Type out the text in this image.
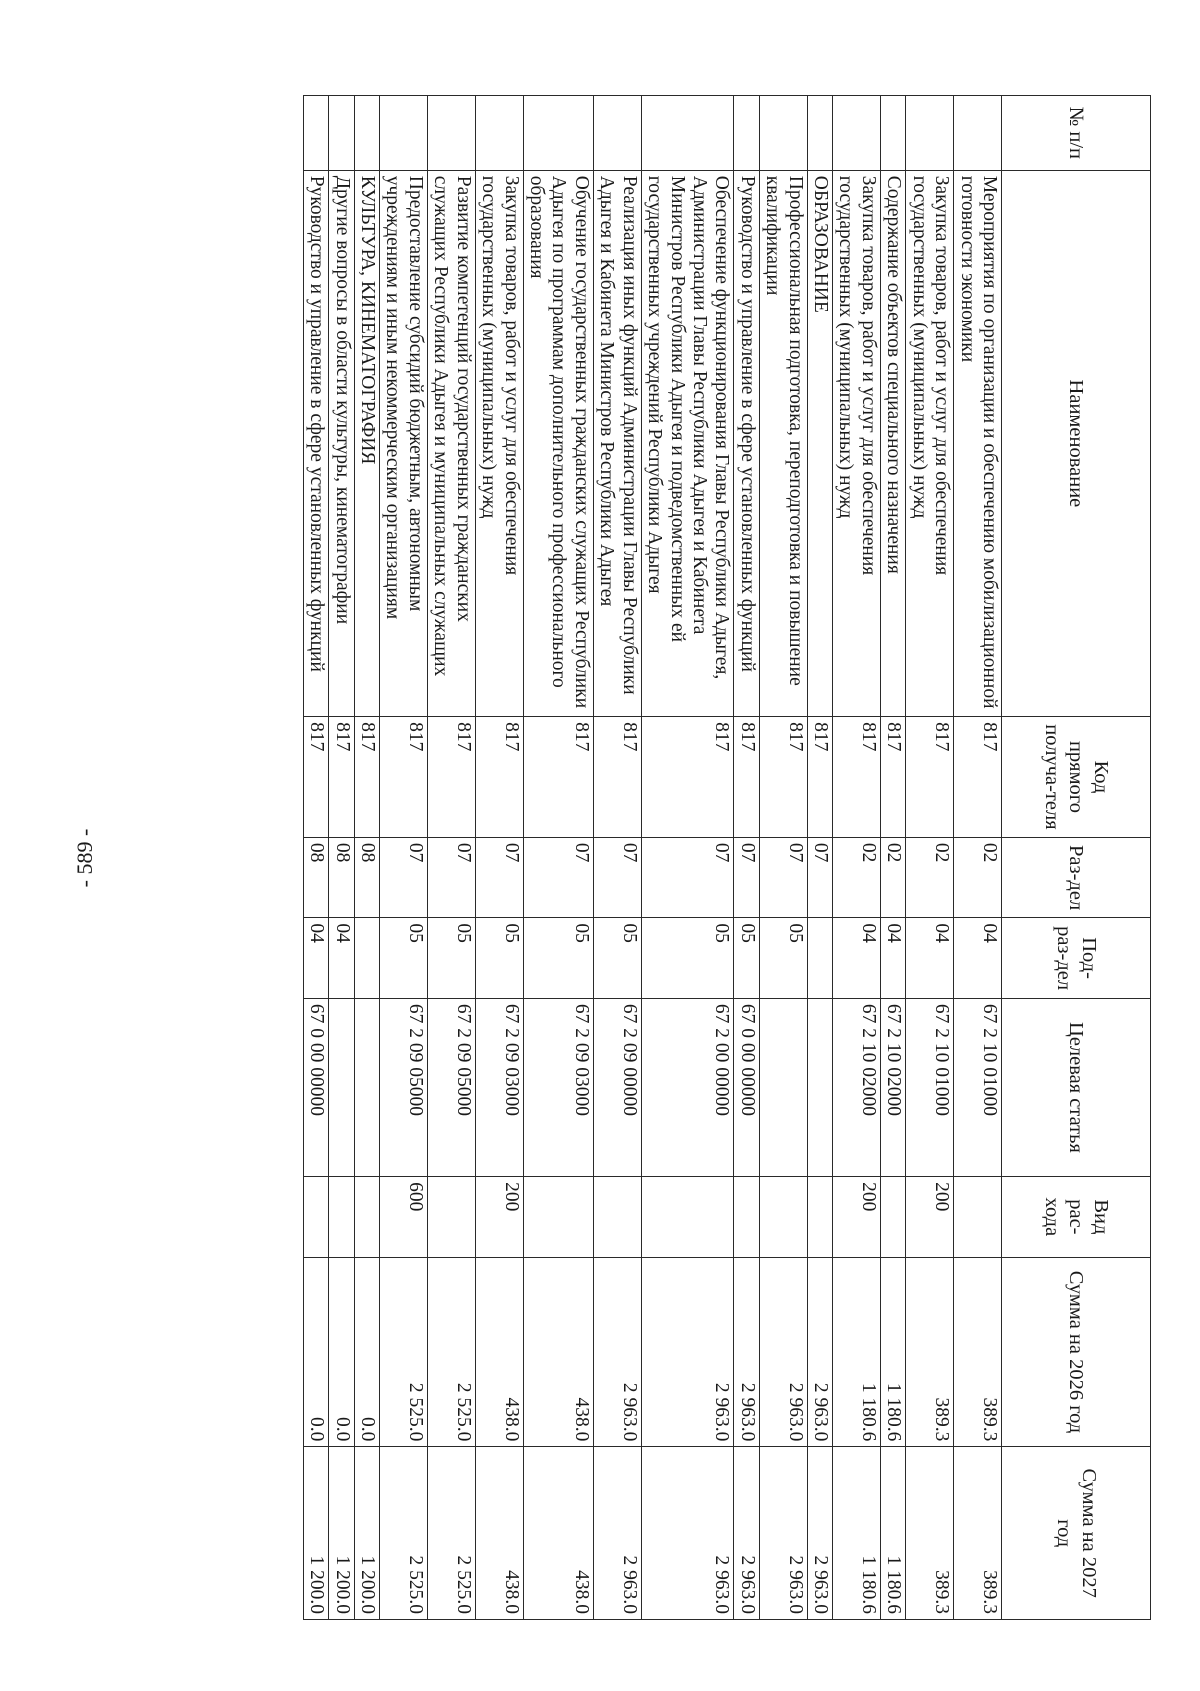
- 589 -
№ п/п	Наименование	Код прямого получа-теля	Раз-дел	Под-раз-дел	Целевая статья	Вид рас-хода	Сумма на 2026 год	Сумма на 2027 год
	Мероприятия по организации и обеспечению мобилизационной готовности экономики	817	02	04	67 2 10 01000		389.3	389.3
	Закупка товаров, работ и услуг для обеспечения государственных (муниципальных) нужд	817	02	04	67 2 10 01000	200	389.3	389.3
	Содержание объектов специального назначения	817	02	04	67 2 10 02000		1 180.6	1 180.6
	Закупка товаров, работ и услуг для обеспечения государственных (муниципальных) нужд	817	02	04	67 2 10 02000	200	1 180.6	1 180.6
	ОБРАЗОВАНИЕ	817	07				2 963.0	2 963.0
	Профессиональная подготовка, переподготовка и повышение квалификации	817	07	05			2 963.0	2 963.0
	Руководство и управление в сфере установленных функций	817	07	05	67 0 00 00000		2 963.0	2 963.0
	Обеспечение функционирования Главы Республики Адыгея, Администрации Главы Республики Адыгея и Кабинета Министров Республики Адыгея и подведомственных ей государственных учреждений Республики Адыгея	817	07	05	67 2 00 00000		2 963.0	2 963.0
	Реализация иных функций Администрации Главы Республики Адыгея и Кабинета Министров Республики Адыгея	817	07	05	67 2 09 00000		2 963.0	2 963.0
	Обучение государственных гражданских служащих Республики Адыгея по программам дополнительного профессионального образования	817	07	05	67 2 09 03000		438.0	438.0
	Закупка товаров, работ и услуг для обеспечения государственных (муниципальных) нужд	817	07	05	67 2 09 03000	200	438.0	438.0
	Развитие компетенций государственных гражданских служащих Республики Адыгея и муниципальных служащих	817	07	05	67 2 09 05000		2 525.0	2 525.0
	Предоставление субсидий бюджетным, автономным учреждениям и иным некоммерческим организациям	817	07	05	67 2 09 05000	600	2 525.0	2 525.0
	КУЛЬТУРА, КИНЕМАТОГРАФИЯ	817	08				0.0	1 200.0
	Другие вопросы в области культуры, кинематографии	817	08	04			0.0	1 200.0
	Руководство и управление в сфере установленных функций	817	08	04	67 0 00 00000		0.0	1 200.0
